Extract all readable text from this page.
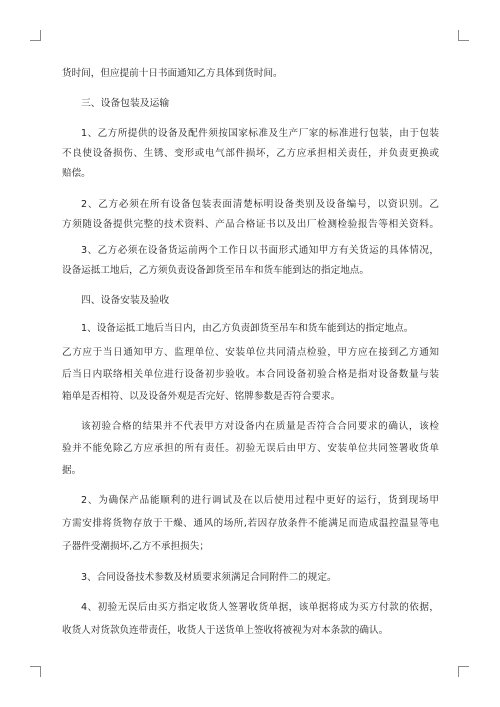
货时间，但应提前十日书面通知乙方具体到货时间。
三、设备包装及运输
1、乙方所提供的设备及配件须按国家标准及生产厂家的标准进行包装，由于包装
不良使设备损伤、生锈、变形或电气部件损坏，乙方应承担相关责任，并负责更换或
赔偿。
2、乙方必须在所有设备包装表面清楚标明设备类别及设备编号，以资识别。乙
方须随设备提供完整的技术资料、产品合格证书以及出厂检测检验报告等相关资料。
3、乙方必须在设备货运前两个工作日以书面形式通知甲方有关货运的具体情况，
设备运抵工地后，乙方须负责设备卸货至吊车和货车能到达的指定地点。
四、设备安装及验收
1、设备运抵工地后当日内，由乙方负责卸货至吊车和货车能到达的指定地点。
乙方应于当日通知甲方、监理单位、安装单位共同清点检验，甲方应在接到乙方通知
后当日内联络相关单位进行设备初步验收。本合同设备初验合格是指对设备数量与装
箱单是否相符、以及设备外观是否完好、铭牌参数是否符合要求。
该初验合格的结果并不代表甲方对设备内在质量是否符合合同要求的确认，该检
验并不能免除乙方应承担的所有责任。初验无误后由甲方、安装单位共同签署收货单
据。
2、为确保产品能顺利的进行调试及在以后使用过程中更好的运行，货到现场甲
方需安排将货物存放于干燥、通风的场所,若因存放条件不能满足而造成温控温显等电
子器件受潮损坏,乙方不承担损失；
3、合同设备技术参数及材质要求须满足合同附件二的规定。
4、初验无误后由买方指定收货人签署收货单据，该单据将成为买方付款的依据，
收货人对货款负连带责任，收货人于送货单上签收将被视为对本条款的确认。
